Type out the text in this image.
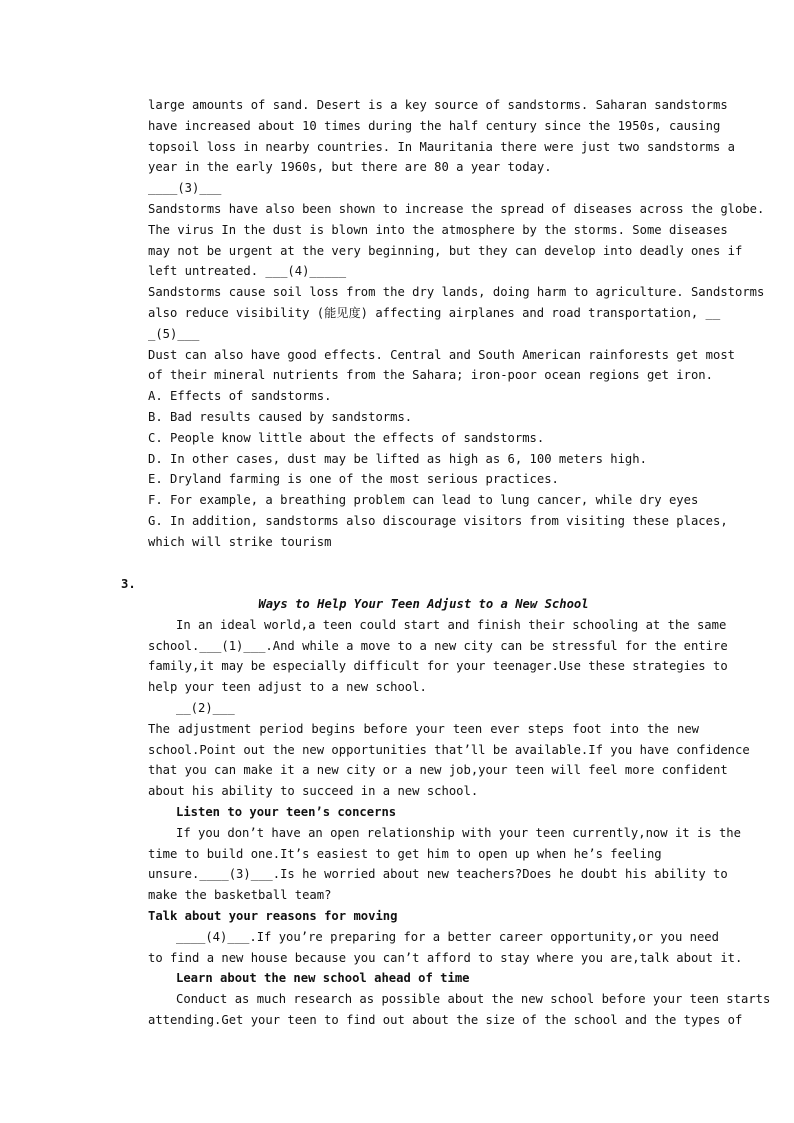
large amounts of sand. Desert is a key source of sandstorms. Saharan sandstorms
have increased about 10 times during the half century since the 1950s, causing
topsoil loss in nearby countries. In Mauritania there were just two sandstorms a
year in the early 1960s, but there are 80 a year today.
____(3)___
Sandstorms have also been shown to increase the spread of diseases across the globe.
The virus In the dust is blown into the atmosphere by the storms. Some diseases
may not be urgent at the very beginning, but they can develop into deadly ones if
left untreated. ___(4)_____
Sandstorms cause soil loss from the dry lands, doing harm to agriculture. Sandstorms
also reduce visibility (能见度) affecting airplanes and road transportation, __
_(5)___
Dust can also have good effects. Central and South American rainforests get most
of their mineral nutrients from the Sahara; iron-poor ocean regions get iron.
A. Effects of sandstorms.
B. Bad results caused by sandstorms.
C. People know little about the effects of sandstorms.
D. In other cases, dust may be lifted as high as 6, 100 meters high.
E. Dryland farming is one of the most serious practices.
F. For example, a breathing problem can lead to lung cancer, while dry eyes
G. In addition, sandstorms also discourage visitors from visiting these places,
which will strike tourism
3.
Ways to Help Your Teen Adjust to a New School
In an ideal world,a teen could start and finish their schooling at the same
school.___(1)___.And while a move to a new city can be stressful for the entire
family,it may be especially difficult for your teenager.Use these strategies to
help your teen adjust to a new school.
__(2)___
The adjustment period begins before your teen ever steps foot into the new
school.Point out the new opportunities that’ll be available.If you have confidence
that you can make it a new city or a new job,your teen will feel more confident
about his ability to succeed in a new school.
Listen to your teen’s concerns
If you don’t have an open relationship with your teen currently,now it is the
time to build one.It’s easiest to get him to open up when he’s feeling
unsure.____(3)___.Is he worried about new teachers?Does he doubt his ability to
make the basketball team?
Talk about your reasons for moving
____(4)___.If you’re preparing for a better career opportunity,or you need
to find a new house because you can’t afford to stay where you are,talk about it.
Learn about the new school ahead of time
Conduct as much research as possible about the new school before your teen starts
attending.Get your teen to find out about the size of the school and the types of
